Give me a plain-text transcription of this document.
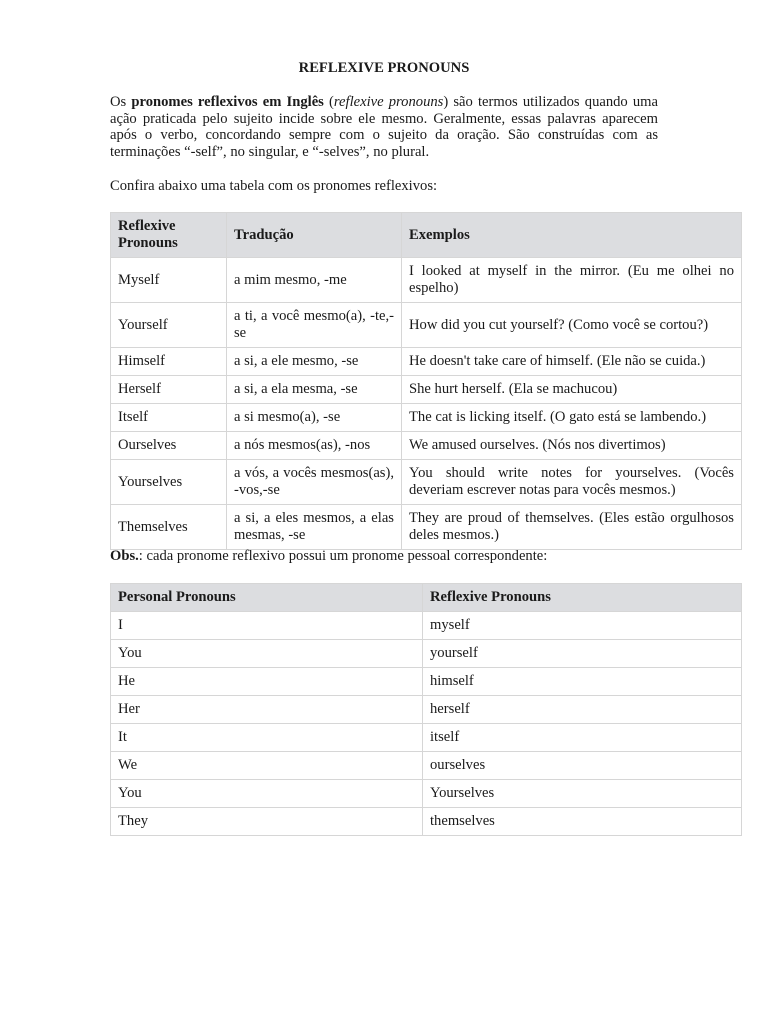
REFLEXIVE PRONOUNS

Os pronomes reflexivos em Inglês (reflexive pronouns) são termos utilizados quando uma ação praticada pelo sujeito incide sobre ele mesmo. Geralmente, essas palavras aparecem após o verbo, concordando sempre com o sujeito da oração. São construídas com as terminações “-self”, no singular, e “-selves”, no plural.

Confira abaixo uma tabela com os pronomes reflexivos:

Reflexive Pronouns	Tradução	Exemplos
Myself	a mim mesmo, -me	I looked at myself in the mirror. (Eu me olhei no espelho)
Yourself	a ti, a você mesmo(a), -te,-se	How did you cut yourself? (Como você se cortou?)
Himself	a si, a ele mesmo, -se	He doesn't take care of himself. (Ele não se cuida.)
Herself	a si, a ela mesma, -se	She hurt herself. (Ela se machucou)
Itself	a si mesmo(a), -se	The cat is licking itself. (O gato está se lambendo.)
Ourselves	a nós mesmos(as), -nos	We amused ourselves. (Nós nos divertimos)
Yourselves	a vós, a vocês mesmos(as), -vos,-se	You should write notes for yourselves. (Vocês deveriam escrever notas para vocês mesmos.)
Themselves	a si, a eles mesmos, a elas mesmas, -se	They are proud of themselves. (Eles estão orgulhosos deles mesmos.)

Obs.: cada pronome reflexivo possui um pronome pessoal correspondente:

Personal Pronouns	Reflexive Pronouns
I	myself
You	yourself
He	himself
Her	herself
It	itself
We	ourselves
You	Yourselves
They	themselves
